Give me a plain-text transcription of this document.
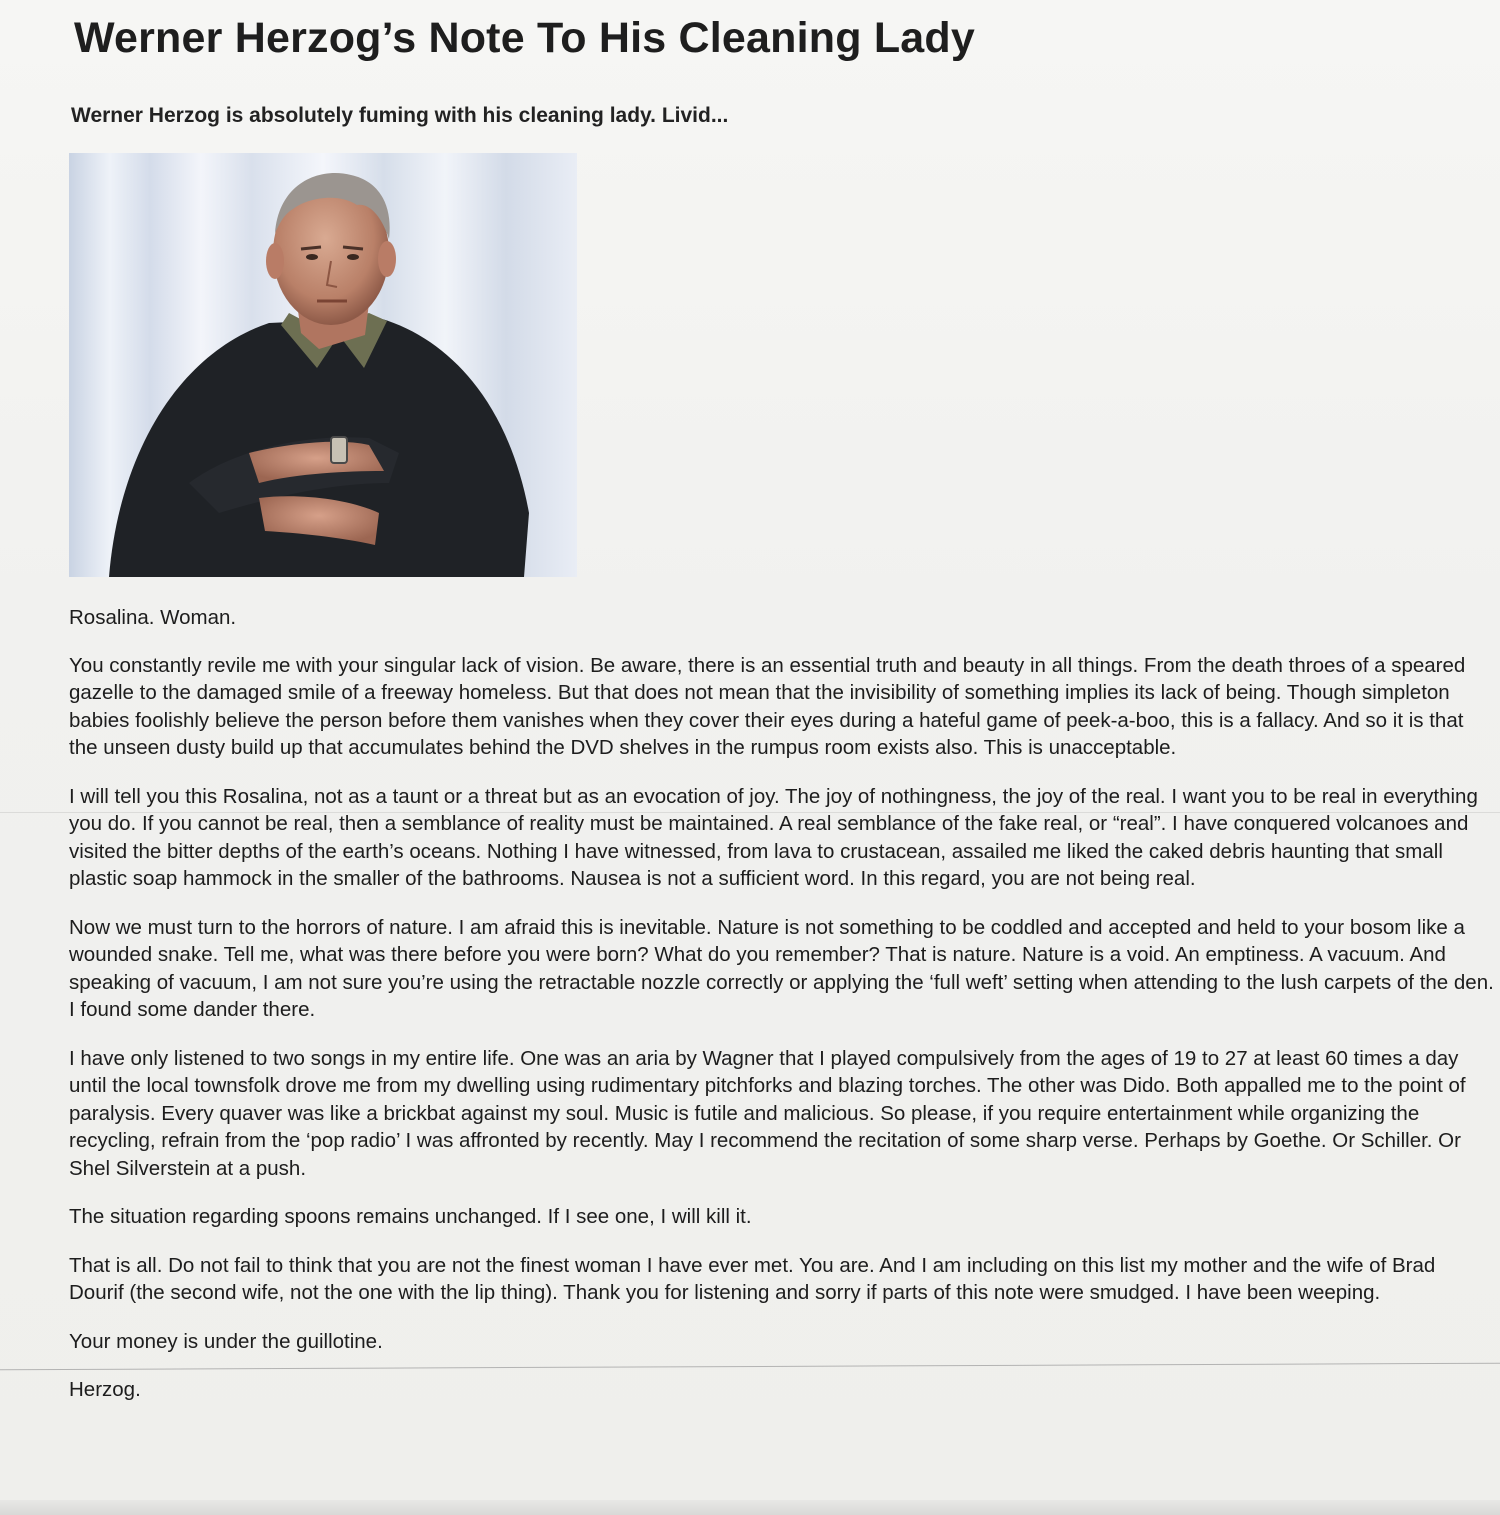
Werner Herzog’s Note To His Cleaning Lady
Werner Herzog is absolutely fuming with his cleaning lady. Livid...

Rosalina. Woman.

You constantly revile me with your singular lack of vision. Be aware, there is an essential truth and beauty in all things. From the death throes of a speared gazelle to the damaged smile of a freeway homeless. But that does not mean that the invisibility of something implies its lack of being. Though simpleton babies foolishly believe the person before them vanishes when they cover their eyes during a hateful game of peek-a-boo, this is a fallacy. And so it is that the unseen dusty build up that accumulates behind the DVD shelves in the rumpus room exists also. This is unacceptable.

I will tell you this Rosalina, not as a taunt or a threat but as an evocation of joy. The joy of nothingness, the joy of the real. I want you to be real in everything you do. If you cannot be real, then a semblance of reality must be maintained. A real semblance of the fake real, or “real”. I have conquered volcanoes and visited the bitter depths of the earth’s oceans. Nothing I have witnessed, from lava to crustacean, assailed me liked the caked debris haunting that small plastic soap hammock in the smaller of the bathrooms. Nausea is not a sufficient word. In this regard, you are not being real.

Now we must turn to the horrors of nature. I am afraid this is inevitable. Nature is not something to be coddled and accepted and held to your bosom like a wounded snake. Tell me, what was there before you were born? What do you remember? That is nature. Nature is a void. An emptiness. A vacuum. And speaking of vacuum, I am not sure you’re using the retractable nozzle correctly or applying the ‘full weft’ setting when attending to the lush carpets of the den. I found some dander there.

I have only listened to two songs in my entire life. One was an aria by Wagner that I played compulsively from the ages of 19 to 27 at least 60 times a day until the local townsfolk drove me from my dwelling using rudimentary pitchforks and blazing torches. The other was Dido. Both appalled me to the point of paralysis. Every quaver was like a brickbat against my soul. Music is futile and malicious. So please, if you require entertainment while organizing the recycling, refrain from the ‘pop radio’ I was affronted by recently. May I recommend the recitation of some sharp verse. Perhaps by Goethe. Or Schiller. Or Shel Silverstein at a push.

The situation regarding spoons remains unchanged. If I see one, I will kill it.

That is all. Do not fail to think that you are not the finest woman I have ever met. You are. And I am including on this list my mother and the wife of Brad Dourif (the second wife, not the one with the lip thing). Thank you for listening and sorry if parts of this note were smudged. I have been weeping.

Your money is under the guillotine.

Herzog.
